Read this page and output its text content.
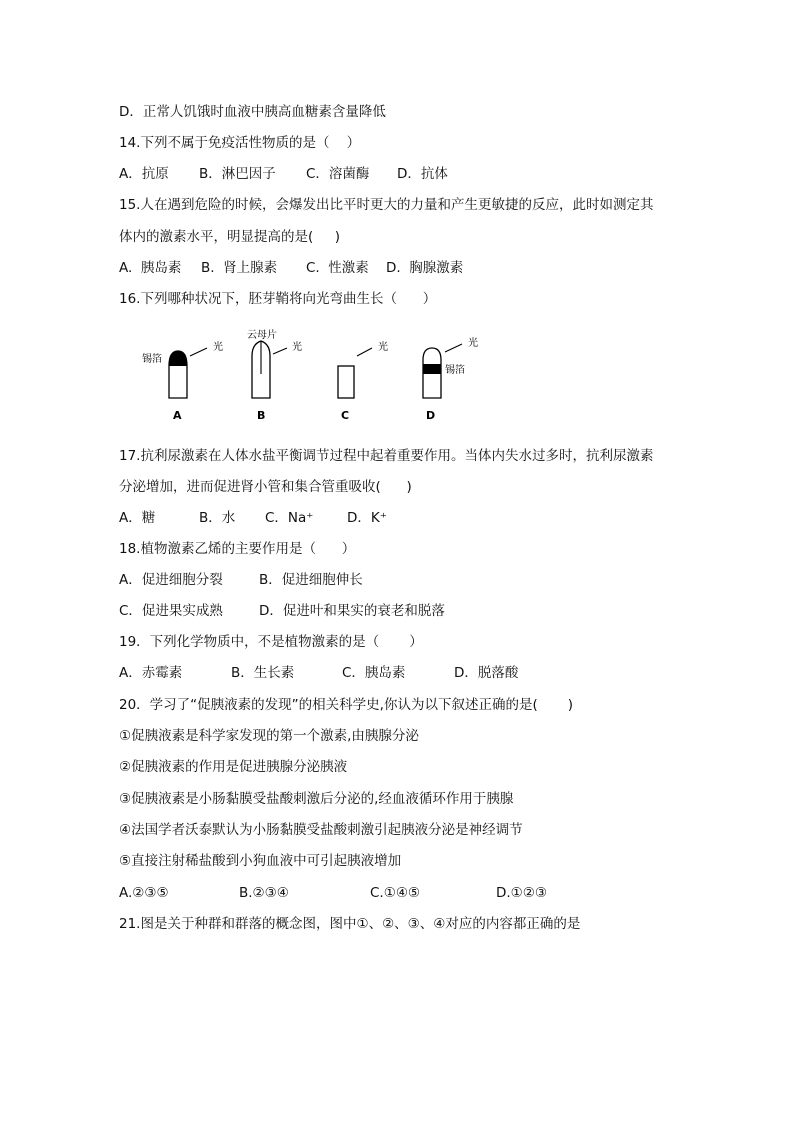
D．正常人饥饿时血液中胰高血糖素含量降低
14.下列不属于免疫活性物质的是（    ）

A．抗原

B．淋巴因子

C．溶菌酶

D．抗体

15.人在遇到危险的时候，会爆发出比平时更大的力量和产生更敏捷的反应，此时如测定其
体内的激素水平，明显提高的是(     )

A.  胰岛素

B.  肾上腺素

C.  性激素

D.  胸腺激素

16.下列哪种状况下，胚芽鞘将向光弯曲生长（      ）
光
锡箔
A
云母片
光
B
光
C
光
锡箔
D
17.抗利尿激素在人体水盐平衡调节过程中起着重要作用。当体内失水过多时，抗利尿激素
分泌增加，进而促进肾小管和集合管重吸收(      )

A．糖

	B．水

C．Na⁺

D．K⁺

18.植物激素乙烯的主要作用是（      ）

A．促进细胞分裂

	B．促进细胞伸长

C．促进果实成熟

	D．促进叶和果实的衰老和脱落

19．下列化学物质中，不是植物激素的是（       ）

A．赤霉素

	B．生长素

	C．胰岛素

	D．脱落酸

20．学习了“促胰液素的发现”的相关科学史,你认为以下叙述正确的是(       )
①促胰液素是科学家发现的第一个激素,由胰腺分泌
②促胰液素的作用是促进胰腺分泌胰液
③促胰液素是小肠黏膜受盐酸刺激后分泌的,经血液循环作用于胰腺
④法国学者沃泰默认为小肠黏膜受盐酸刺激引起胰液分泌是神经调节
⑤直接注射稀盐酸到小狗血液中可引起胰液增加

A.②③⑤

	B.②③④

	C.①④⑤

	D.①②③

21.图是关于种群和群落的概念图，图中①、②、③、④对应的内容都正确的是
